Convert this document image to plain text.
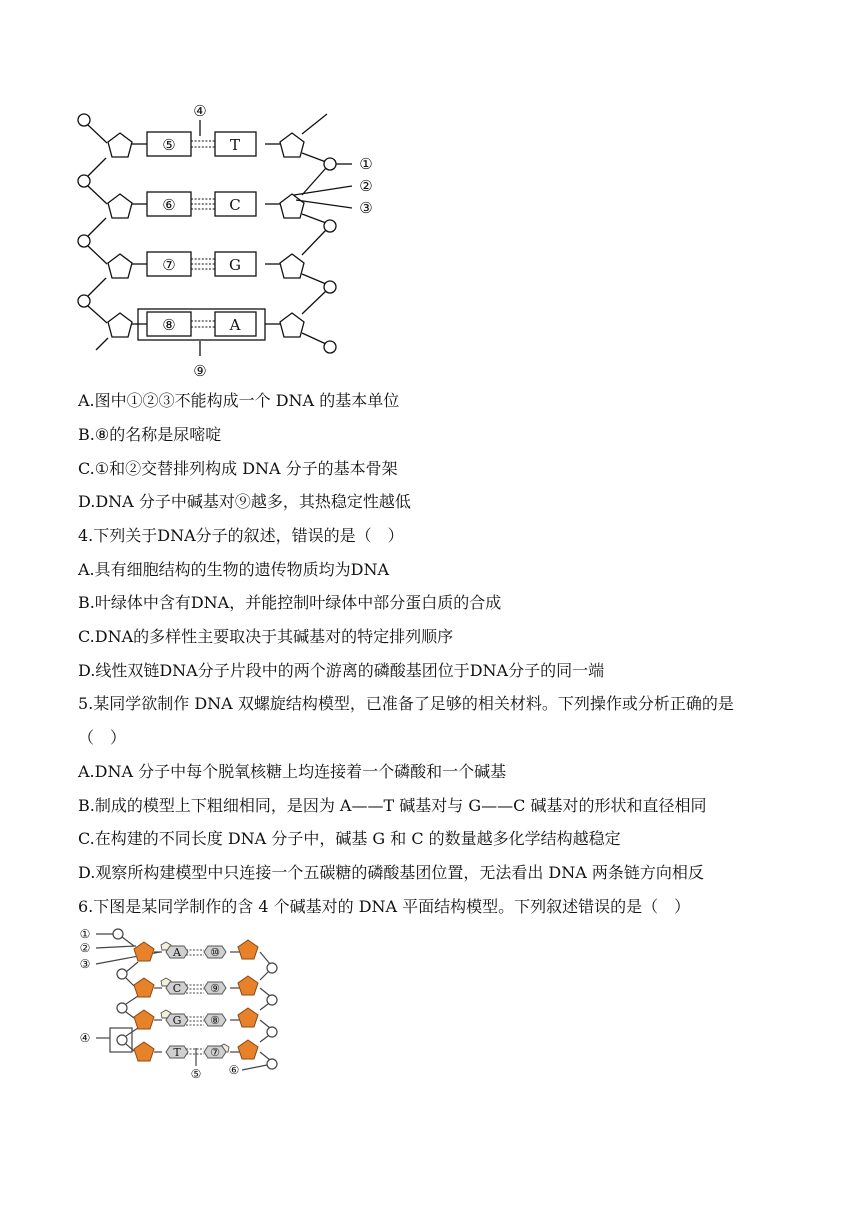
⑤	T
⑥	C
⑦	G
⑧	A
④
①
②
③
⑨
A.图中①②③不能构成一个 DNA 的基本单位
B.⑧的名称是尿嘧啶
C.①和②交替排列构成 DNA 分子的基本骨架
D.DNA 分子中碱基对⑨越多，其热稳定性越低
4.下列关于DNA分子的叙述，错误的是（　）
A.具有细胞结构的生物的遗传物质均为DNA
B.叶绿体中含有DNA，并能控制叶绿体中部分蛋白质的合成
C.DNA的多样性主要取决于其碱基对的特定排列顺序
D.线性双链DNA分子片段中的两个游离的磷酸基团位于DNA分子的同一端
5.某同学欲制作 DNA 双螺旋结构模型，已准备了足够的相关材料。下列操作或分析正确的是
（　）
A.DNA 分子中每个脱氧核糖上均连接着一个磷酸和一个碱基
B.制成的模型上下粗细相同，是因为 A——T 碱基对与 G——C 碱基对的形状和直径相同
C.在构建的不同长度 DNA 分子中，碱基 G 和 C 的数量越多化学结构越稳定
D.观察所构建模型中只连接一个五碳糖的磷酸基团位置，无法看出 DNA 两条链方向相反
6.下图是某同学制作的含 4 个碱基对的 DNA 平面结构模型。下列叙述错误的是（　）
A	⑩
C	⑨
G	⑧
T	⑦
①
②
③
④
⑤ ⑥
